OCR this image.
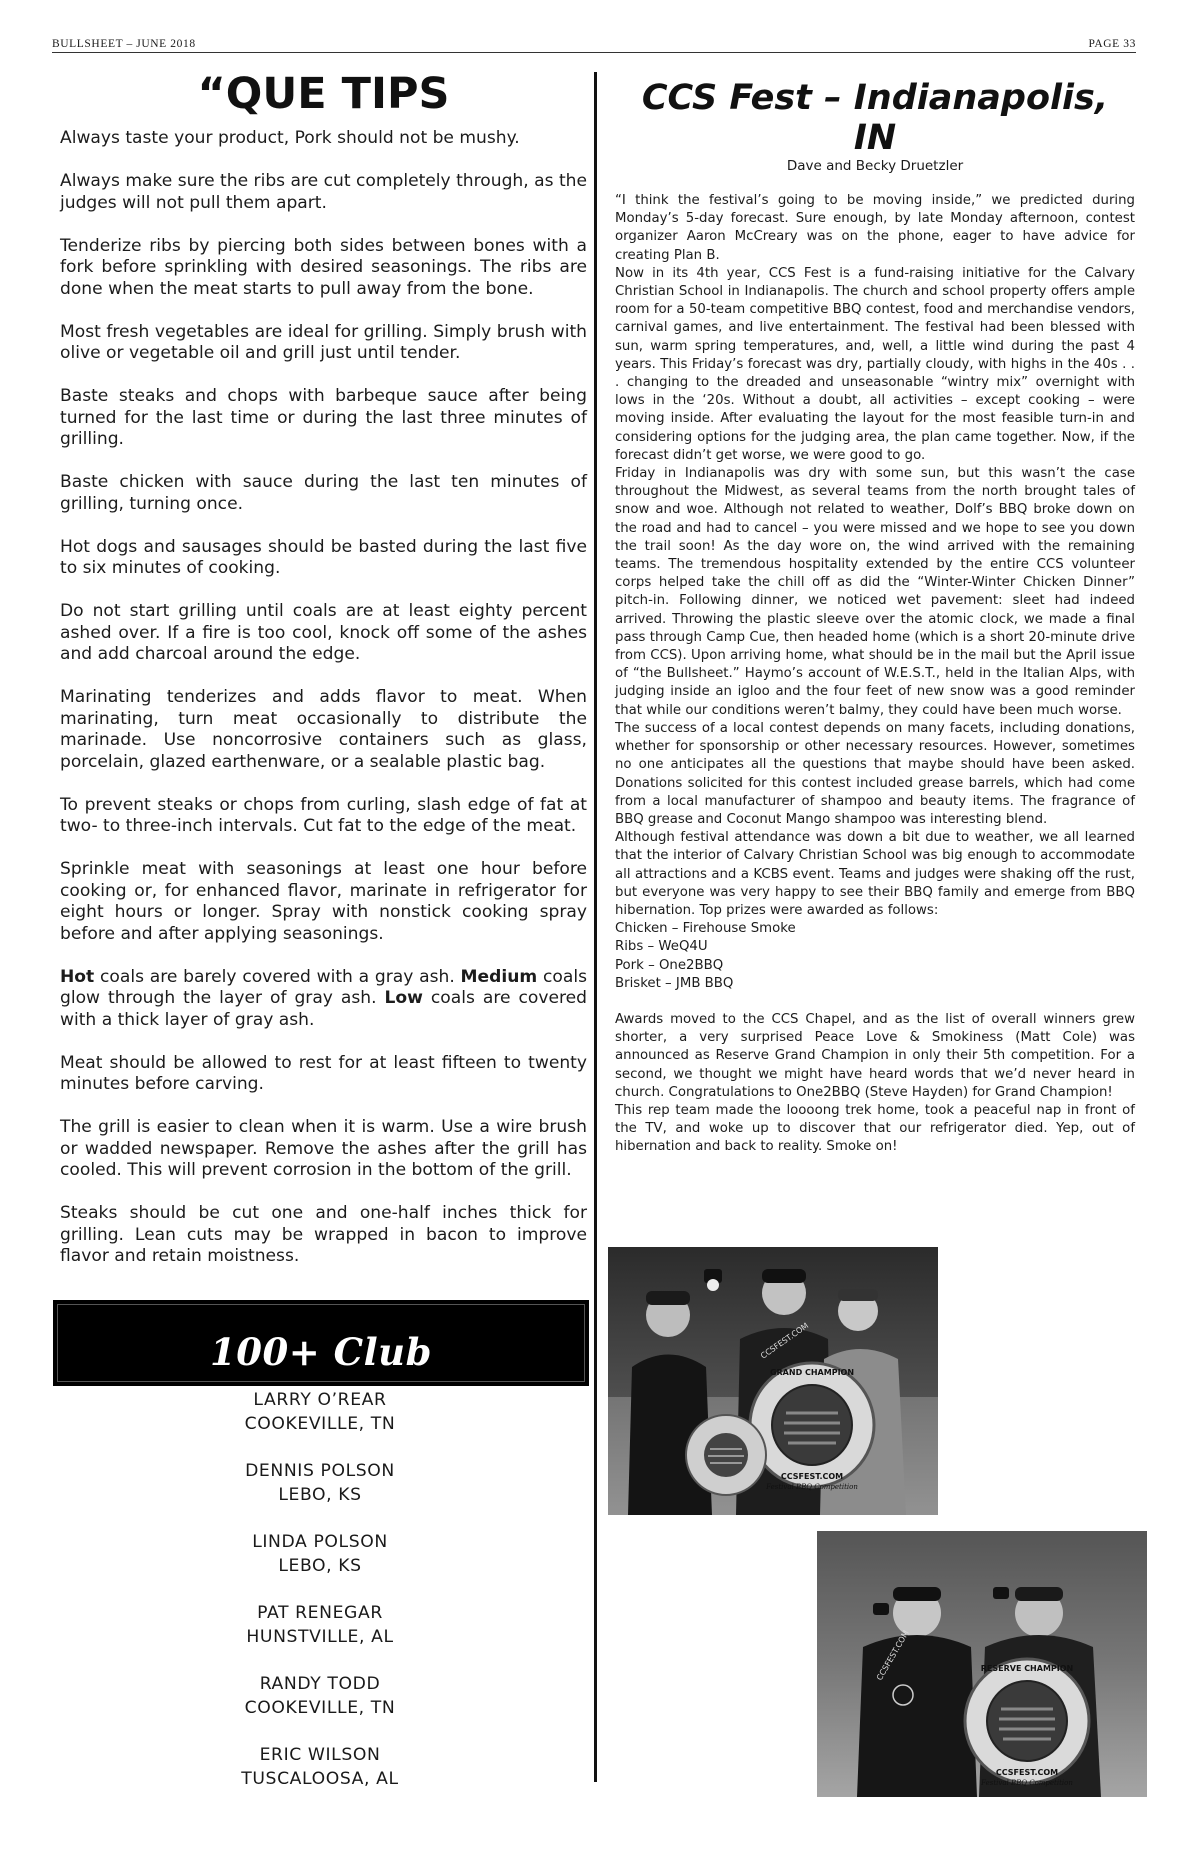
BULLSHEET – JUNE 2018	PAGE 33
“QUE TIPS

Always taste your product, Pork should not be mushy.

Always make sure the ribs are cut completely through, as the judges will not pull them apart.

Tenderize ribs by piercing both sides between bones with a fork before sprinkling with desired seasonings. The ribs are done when the meat starts to pull away from the bone.

Most fresh vegetables are ideal for grilling. Simply brush with olive or vegetable oil and grill just until tender.

Baste steaks and chops with barbeque sauce after being turned for the last time or during the last three minutes of grilling.

Baste chicken with sauce during the last ten minutes of grilling, turning once.

Hot dogs and sausages should be basted during the last five to six minutes of cooking.

Do not start grilling until coals are at least eighty percent ashed over. If a fire is too cool, knock off some of the ashes and add charcoal around the edge.

Marinating tenderizes and adds flavor to meat. When marinating, turn meat occasionally to distribute the marinade. Use noncorrosive containers such as glass, porcelain, glazed earthenware, or a sealable plastic bag.

To prevent steaks or chops from curling, slash edge of fat at two- to three-inch intervals. Cut fat to the edge of the meat.

Sprinkle meat with seasonings at least one hour before cooking or, for enhanced flavor, marinate in refrigerator for eight hours or longer. Spray with nonstick cooking spray before and after applying seasonings.

Hot coals are barely covered with a gray ash. Medium coals glow through the layer of gray ash. Low coals are covered with a thick layer of gray ash.

Meat should be allowed to rest for at least fifteen to twenty minutes before carving.

The grill is easier to clean when it is warm. Use a wire brush or wadded newspaper. Remove the ashes after the grill has cooled. This will prevent corrosion in the bottom of the grill.

Steaks should be cut one and one-half inches thick for grilling. Lean cuts may be wrapped in bacon to improve flavor and retain moistness.

100+ Club
LARRY O’REAR
COOKEVILLE, TN
DENNIS POLSON
LEBO, KS
LINDA POLSON
LEBO, KS
PAT RENEGAR
HUNSTVILLE, AL
RANDY TODD
COOKEVILLE, TN
ERIC WILSON
TUSCALOOSA, AL
CCS Fest – Indianapolis, IN
Dave and Becky Druetzler

“I think the festival’s going to be moving inside,” we predicted during Monday’s 5-day forecast. Sure enough, by late Monday afternoon, contest organizer Aaron McCreary was on the phone, eager to have advice for creating Plan B.

Now in its 4th year, CCS Fest is a fund-raising initiative for the Calvary Christian School in Indianapolis. The church and school property offers ample room for a 50-team competitive BBQ contest, food and merchandise vendors, carnival games, and live entertainment. The festival had been blessed with sun, warm spring temperatures, and, well, a little wind during the past 4 years. This Friday’s forecast was dry, partially cloudy, with highs in the 40s . . . changing to the dreaded and unseasonable “wintry mix” overnight with lows in the ‘20s. Without a doubt, all activities – except cooking – were moving inside. After evaluating the layout for the most feasible turn-in and considering options for the judging area, the plan came together. Now, if the forecast didn’t get worse, we were good to go.

Friday in Indianapolis was dry with some sun, but this wasn’t the case throughout the Midwest, as several teams from the north brought tales of snow and woe. Although not related to weather, Dolf’s BBQ broke down on the road and had to cancel – you were missed and we hope to see you down the trail soon! As the day wore on, the wind arrived with the remaining teams. The tremendous hospitality extended by the entire CCS volunteer corps helped take the chill off as did the “Winter-Winter Chicken Dinner” pitch-in. Following dinner, we noticed wet pavement: sleet had indeed arrived. Throwing the plastic sleeve over the atomic clock, we made a final pass through Camp Cue, then headed home (which is a short 20-minute drive from CCS). Upon arriving home, what should be in the mail but the April issue of “the Bullsheet.” Haymo’s account of W.E.S.T., held in the Italian Alps, with judging inside an igloo and the four feet of new snow was a good reminder that while our conditions weren’t balmy, they could have been much worse.

The success of a local contest depends on many facets, including donations, whether for sponsorship or other necessary resources. However, sometimes no one anticipates all the questions that maybe should have been asked. Donations solicited for this contest included grease barrels, which had come from a local manufacturer of shampoo and beauty items. The fragrance of BBQ grease and Coconut Mango shampoo was interesting blend.

Although festival attendance was down a bit due to weather, we all learned that the interior of Calvary Christian School was big enough to accommodate all attractions and a KCBS event. Teams and judges were shaking off the rust, but everyone was very happy to see their BBQ family and emerge from BBQ hibernation. Top prizes were awarded as follows:

Chicken – Firehouse Smoke

Ribs – WeQ4U

Pork – One2BBQ

Brisket – JMB BBQ

Awards moved to the CCS Chapel, and as the list of overall winners grew shorter, a very surprised Peace Love & Smokiness (Matt Cole) was announced as Reserve Grand Champion in only their 5th competition. For a second, we thought we might have heard words that we’d never heard in church. Congratulations to One2BBQ (Steve Hayden) for Grand Champion!

This rep team made the loooong trek home, took a peaceful nap in front of the TV, and woke up to discover that our refrigerator died. Yep, out of hibernation and back to reality. Smoke on!

CCSFEST.COM
GRAND CHAMPION
CCSFEST.COM
Festival BBQ Competition
CCSFEST.COM	RESERVE CHAMPION
CCSFEST.COM
Festival BBQ Competition
